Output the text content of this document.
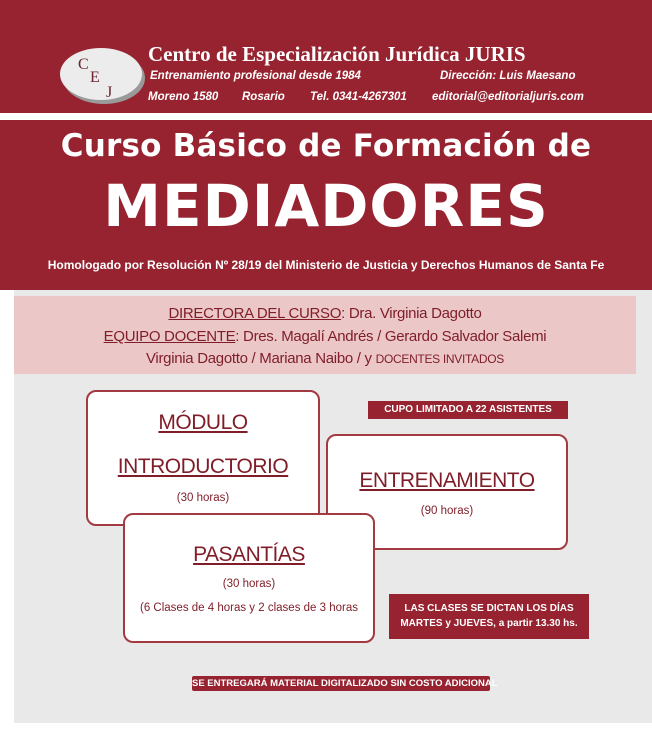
C
E
J
Centro de Especialización Jurídica JURIS
Entrenamiento profesional desde 1984	Dirección: Luis Maesano
Moreno 1580 Rosario Tel. 0341-4267301 editorial@editorialjuris.com
Curso Básico de Formación de
MEDIADORES
Homologado por Resolución Nº 28/19 del Ministerio de Justicia y Derechos Humanos de Santa Fe
DIRECTORA DEL CURSO: Dra. Virginia Dagotto
EQUIPO DOCENTE: Dres. Magalí Andrés / Gerardo Salvador Salemi
Virginia Dagotto / Mariana Naibo / y DOCENTES INVITADOS
MÓDULO
INTRODUCTORIO
(30 horas)
CUPO LIMITADO A 22 ASISTENTES
ENTRENAMIENTO
(90 horas)
PASANTÍAS
(30 horas)
(6 Clases de 4 horas y 2 clases de 3 horas	LAS CLASES SE DICTAN LOS DÍAS
MARTES y JUEVES, a partir 13.30 hs.
SE ENTREGARÁ MATERIAL DIGITALIZADO SIN COSTO ADICIONAL
